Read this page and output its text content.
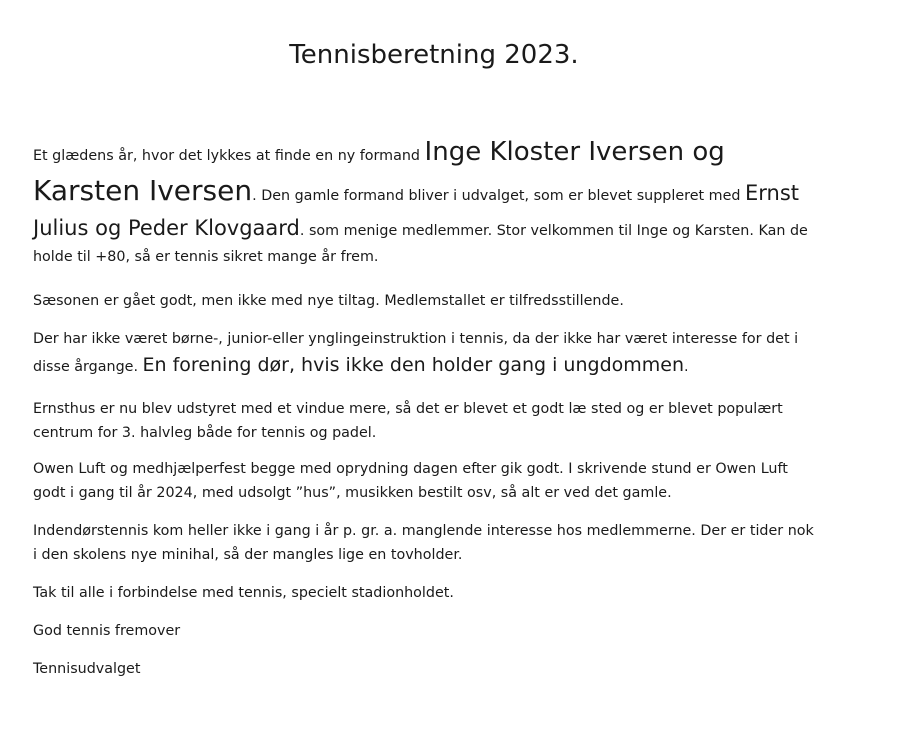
Tennisberetning 2023.
Et glædens år, hvor det lykkes at finde en ny formand Inge Kloster Iversen og
Karsten Iversen. Den gamle formand bliver i udvalget, som er blevet suppleret med Ernst
Julius og Peder Klovgaard. som menige medlemmer. Stor velkommen til Inge og Karsten. Kan de
holde til +80, så er tennis sikret mange år frem.
Sæsonen er gået godt, men ikke med nye tiltag. Medlemstallet er tilfredsstillende.
Der har ikke været børne-, junior-eller ynglingeinstruktion i tennis, da der ikke har været interesse for det i
disse årgange. En forening dør, hvis ikke den holder gang i ungdommen.
Ernsthus er nu blev udstyret med et vindue mere, så det er blevet et godt læ sted og er blevet populært
centrum for 3. halvleg både for tennis og padel.
Owen Luft og medhjælperfest begge med oprydning dagen efter gik godt. I skrivende stund er Owen Luft
godt i gang til år 2024, med udsolgt ”hus”, musikken bestilt osv, så alt er ved det gamle.
Indendørstennis kom heller ikke i gang i år p. gr. a. manglende interesse hos medlemmerne. Der er tider nok
i den skolens nye minihal, så der mangles lige en tovholder.
Tak til alle i forbindelse med tennis, specielt stadionholdet.
God tennis fremover
Tennisudvalget
